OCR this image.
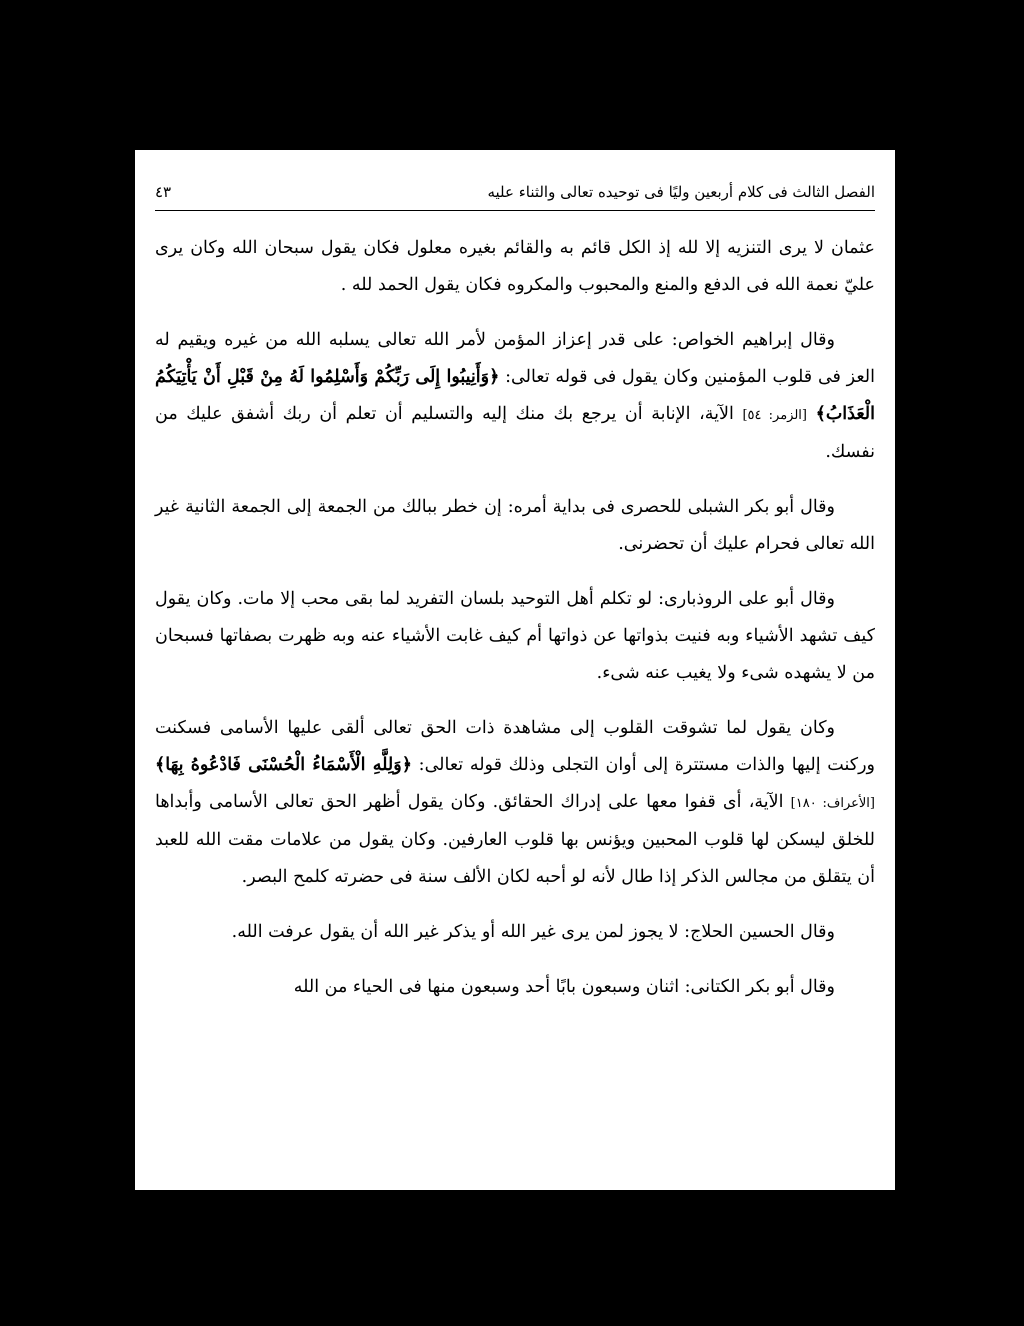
الفصل الثالث فى كلام أربعين وليًا فى توحيده تعالى والثناء عليه
٤٣

عثمان لا يرى التنزيه إلا لله إذ الكل قائم به والقائم بغيره معلول فكان يقول سبحان الله وكان يرى عليّ نعمة الله فى الدفع والمنع والمحبوب والمكروه فكان يقول الحمد لله .

وقال إبراهيم الخواص: على قدر إعزاز المؤمن لأمر الله تعالى يسلبه الله من غيره ويقيم له العز فى قلوب المؤمنين وكان يقول فى قوله تعالى: ﴿وَأَنِيبُوا إِلَى رَبِّكُمْ وَأَسْلِمُوا لَهُ مِنْ قَبْلِ أَنْ يَأْتِيَكُمُ الْعَذَابُ﴾ [الزمر: ٥٤] الآية، الإنابة أن يرجع بك منك إليه والتسليم أن تعلم أن ربك أشفق عليك من نفسك.

وقال أبو بكر الشبلى للحصرى فى بداية أمره: إن خطر ببالك من الجمعة إلى الجمعة الثانية غير الله تعالى فحرام عليك أن تحضرنى.

وقال أبو على الروذبارى: لو تكلم أهل التوحيد بلسان التفريد لما بقى محب إلا مات. وكان يقول كيف تشهد الأشياء وبه فنيت بذواتها عن ذواتها أم كيف غابت الأشياء عنه وبه ظهرت بصفاتها فسبحان من لا يشهده شىء ولا يغيب عنه شىء.

وكان يقول لما تشوقت القلوب إلى مشاهدة ذات الحق تعالى ألقى عليها الأسامى فسكنت وركنت إليها والذات مستترة إلى أوان التجلى وذلك قوله تعالى: ﴿وَلِلَّهِ الْأَسْمَاءُ الْحُسْنَى فَادْعُوهُ بِهَا﴾ [الأعراف: ١٨٠] الآية، أى قفوا معها على إدراك الحقائق. وكان يقول أظهر الحق تعالى الأسامى وأبداها للخلق ليسكن لها قلوب المحبين ويؤنس بها قلوب العارفين. وكان يقول من علامات مقت الله للعبد أن يتقلق من مجالس الذكر إذا طال لأنه لو أحبه لكان الألف سنة فى حضرته كلمح البصر.

وقال الحسين الحلاج: لا يجوز لمن يرى غير الله أو يذكر غير الله أن يقول عرفت الله.

وقال أبو بكر الكتانى: اثنان وسبعون بابًا أحد وسبعون منها فى الحياء من الله
